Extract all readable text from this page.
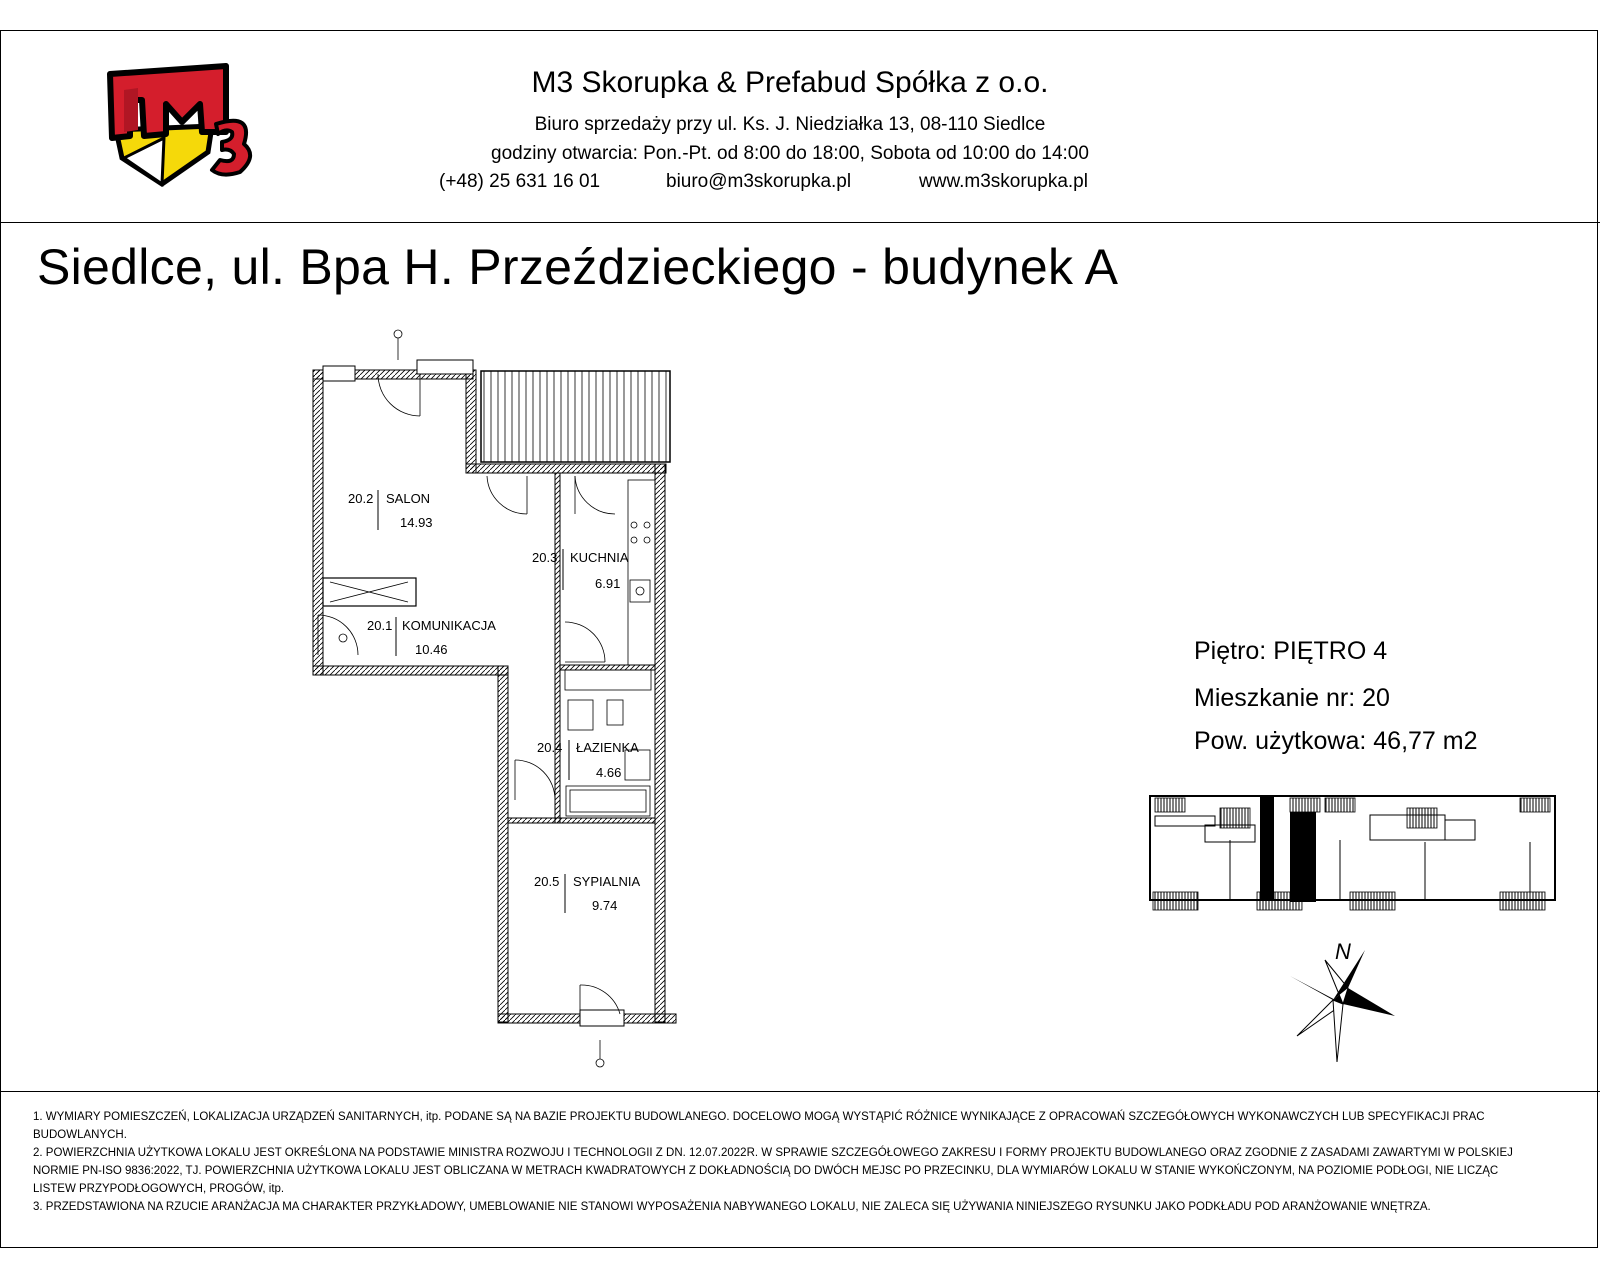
M3 Skorupka & Prefabud Spółka z o.o.
Biuro sprzedaży przy ul. Ks. J. Niedziałka 13, 08-110 Siedlce
godziny otwarcia: Pon.-Pt. od 8:00 do 18:00, Sobota od 10:00 do 14:00
(+48) 25 631 16 01	biuro@m3skorupka.pl	www.m3skorupka.pl
Siedlce, ul. Bpa H. Przeździeckiego - budynek A
20.2 SALON
14.93
20.3 KUCHNIA
6.91
20.1 KOMUNIKACJA
10.46
20.4 ŁAZIENKA
4.66
20.5 SYPIALNIA
9.74
Piętro: PIĘTRO 4
Mieszkanie nr: 20
Pow. użytkowa: 46,77 m2
N

1. WYMIARY POMIESZCZEŃ, LOKALIZACJA URZĄDZEŃ SANITARNYCH, itp. PODANE SĄ NA BAZIE PROJEKTU BUDOWLANEGO. DOCELOWO MOGĄ WYSTĄPIĆ RÓŻNICE WYNIKAJĄCE Z OPRACOWAŃ SZCZEGÓŁOWYCH WYKONAWCZYCH LUB SPECYFIKACJI PRAC BUDOWLANYCH.

2. POWIERZCHNIA UŻYTKOWA LOKALU JEST OKREŚLONA NA PODSTAWIE MINISTRA ROZWOJU I TECHNOLOGII Z DN. 12.07.2022R. W SPRAWIE SZCZEGÓŁOWEGO ZAKRESU I FORMY PROJEKTU BUDOWLANEGO ORAZ ZGODNIE Z ZASADAMI ZAWARTYMI W POLSKIEJ NORMIE PN-ISO 9836:2022, TJ. POWIERZCHNIA UŻYTKOWA LOKALU JEST OBLICZANA W METRACH KWADRATOWYCH Z DOKŁADNOŚCIĄ DO DWÓCH MEJSC PO PRZECINKU, DLA WYMIARÓW LOKALU W STANIE WYKOŃCZONYM, NA POZIOMIE PODŁOGI, NIE LICZĄC LISTEW PRZYPODŁOGOWYCH, PROGÓW, itp.

3. PRZEDSTAWIONA NA RZUCIE ARANŻACJA MA CHARAKTER PRZYKŁADOWY, UMEBLOWANIE NIE STANOWI WYPOSAŻENIA NABYWANEGO LOKALU, NIE ZALECA SIĘ UŻYWANIA NINIEJSZEGO RYSUNKU JAKO PODKŁADU POD ARANŻOWANIE WNĘTRZA.
